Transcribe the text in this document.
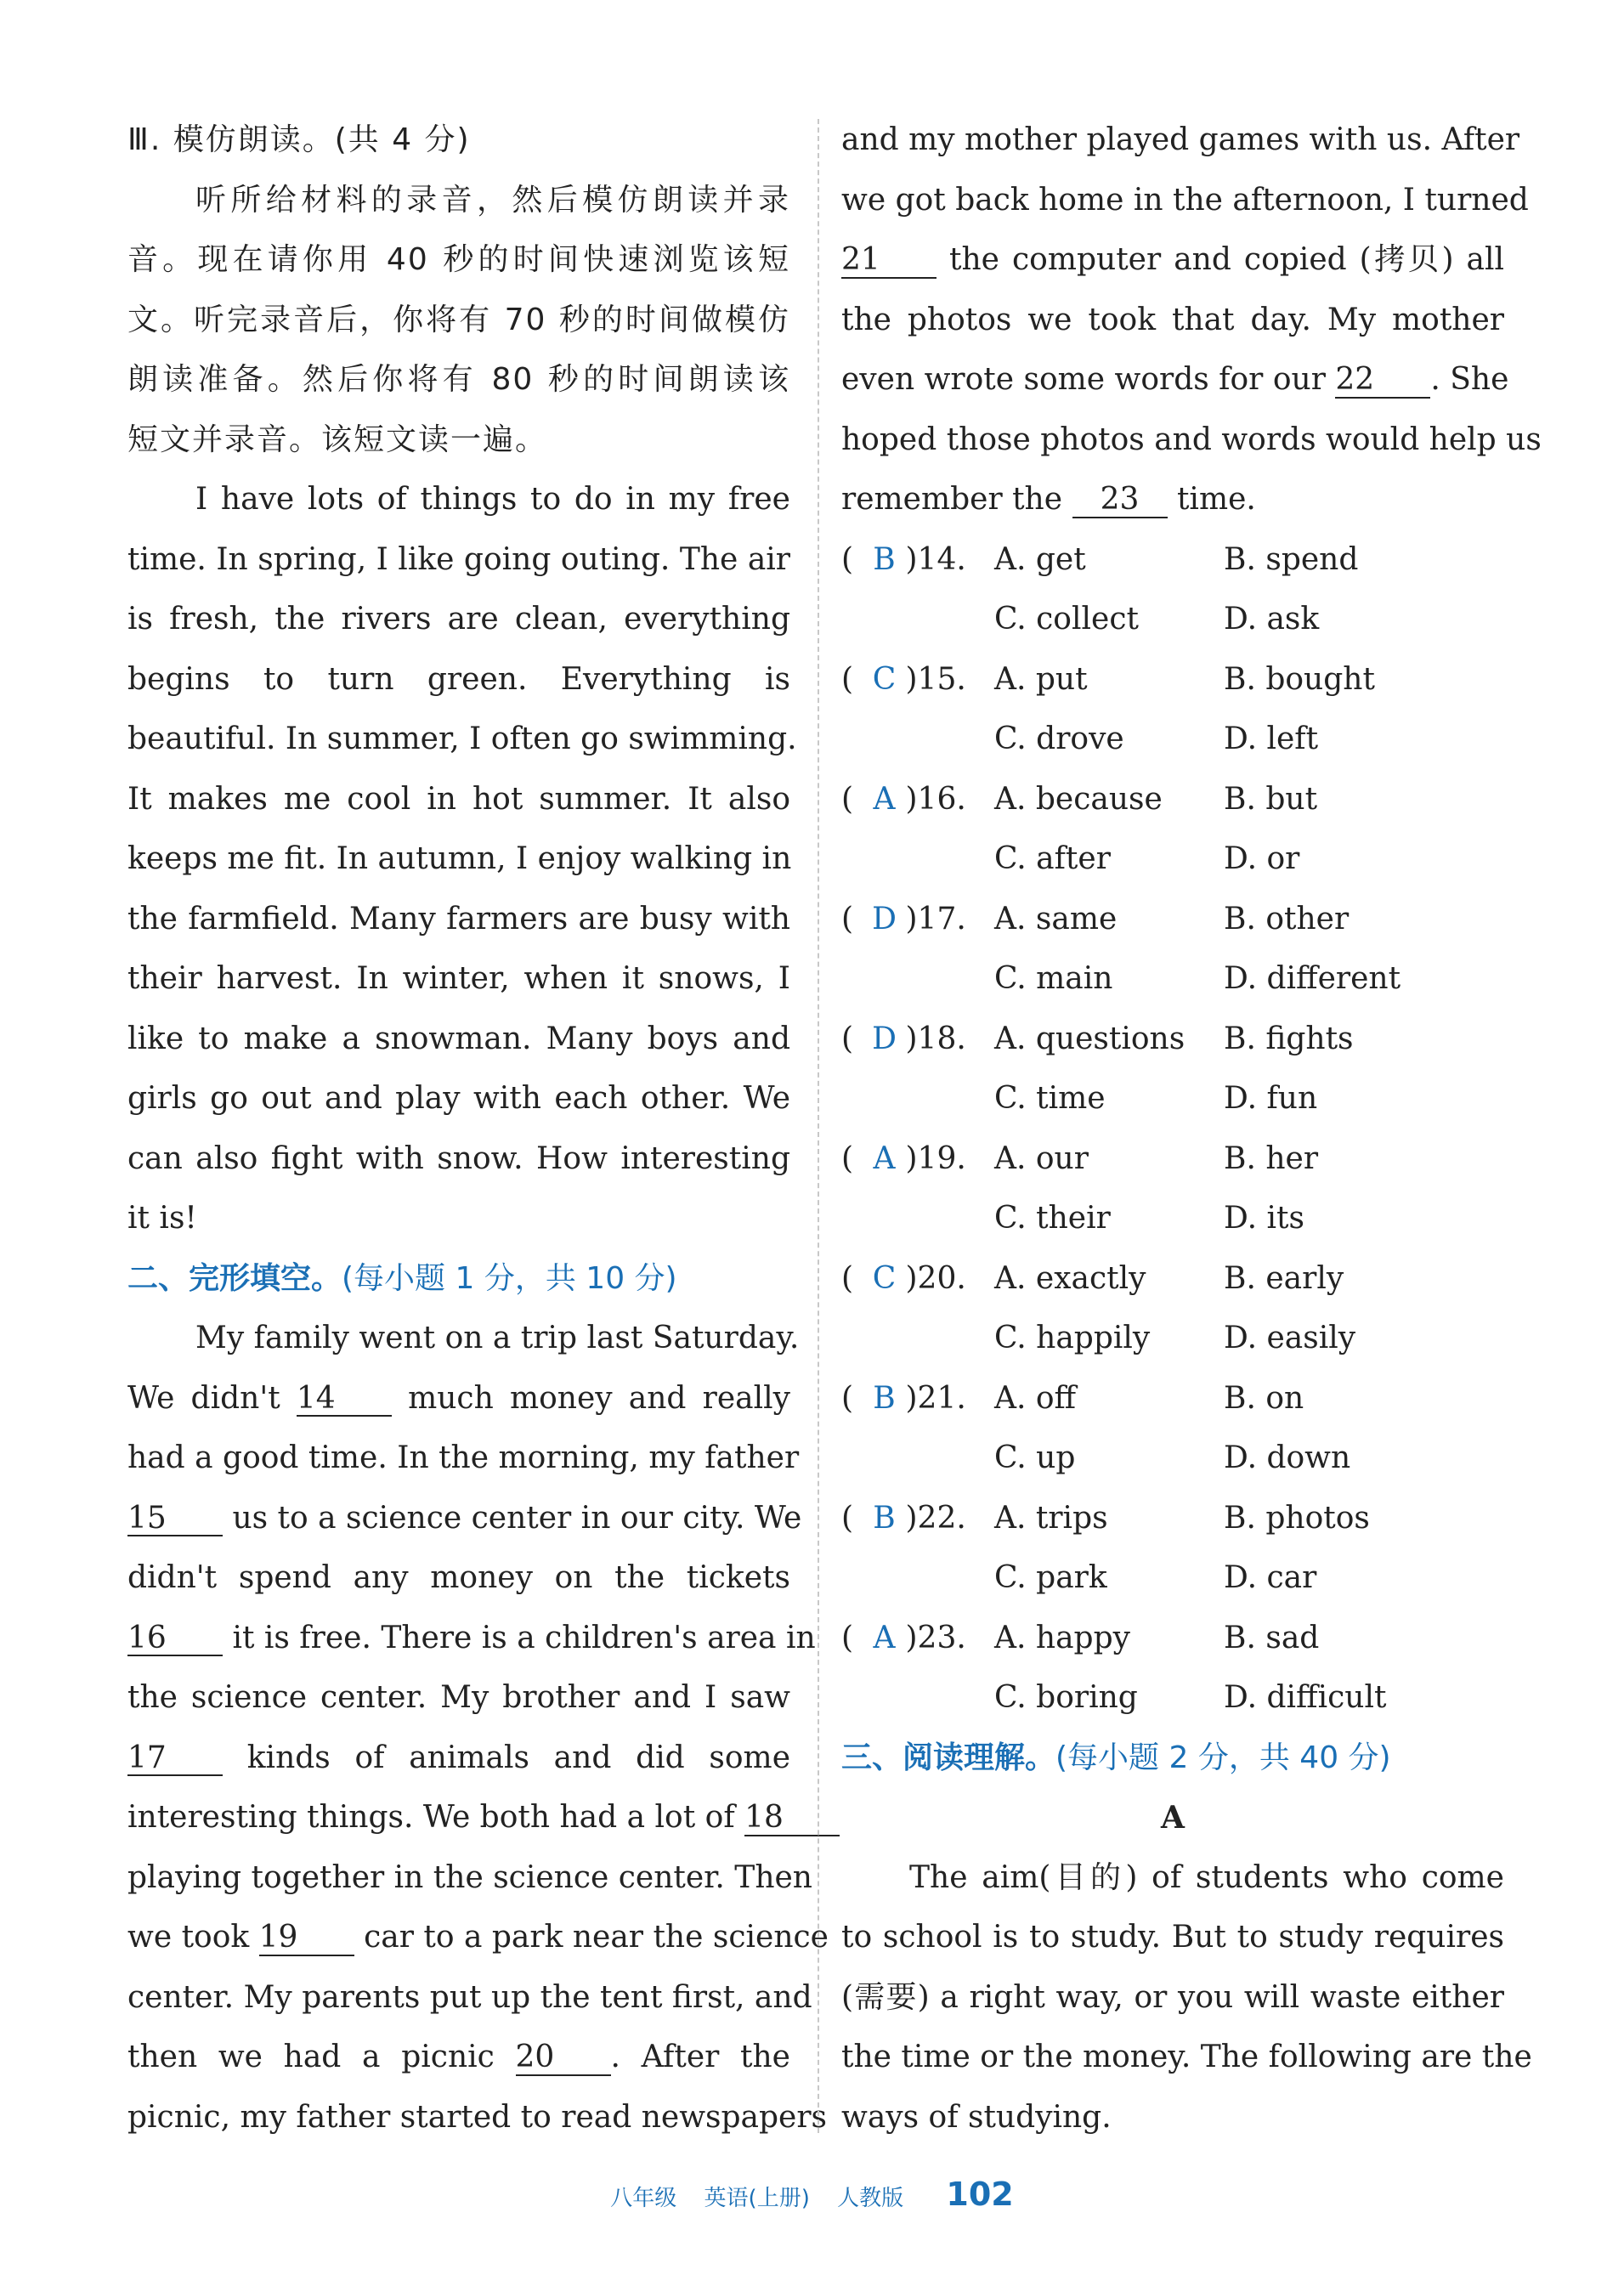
Ⅲ. 模仿朗读。(共 4 分)
听所给材料的录音，然后模仿朗读并录
音。现在请你用 40 秒的时间快速浏览该短
文。听完录音后，你将有 70 秒的时间做模仿
朗读准备。然后你将有 80 秒的时间朗读该
短文并录音。该短文读一遍。
I have lots of things to do in my free
time. In spring, I like going outing. The air
is fresh, the rivers are clean, everything
begins to turn green. Everything is
beautiful. In summer, I often go swimming.
It makes me cool in hot summer. It also
keeps me fit. In autumn, I enjoy walking in
the farmfield. Many farmers are busy with
their harvest. In winter, when it snows, I
like to make a snowman. Many boys and
girls go out and play with each other. We
can also fight with snow. How interesting
it is!
二、完形填空。(每小题 1 分，共 10 分)
My family went on a trip last Saturday.
We didn't 14 much money and really
had a good time. In the morning, my father
15 us to a science center in our city. We
didn't spend any money on the tickets
16 it is free. There is a children's area in
the science center. My brother and I saw
17	kinds of animals and did some
interesting things. We both had a lot of 18
playing together in the science center. Then
we took 19 car to a park near the science
center. My parents put up the tent first, and
then we had a picnic 20 . After the
picnic, my father started to read newspapers
and my mother played games with us. After
we got back home in the afternoon, I turned
21 the computer and copied (拷贝) all
the photos we took that day. My mother
even wrote some words for our 22 . She
hoped those photos and words would help us
remember the 23 time.
( B )14. A. get	B. spend
C. collect	D. ask
( C )15. A. put	B. bought
C. drove	D. left
( A )16. A. because B. but
C. after	D. or
( D )17. A. same	B. other
C. main	D. different
( D )18. A. questions B. fights
C. time	D. fun
( A )19. A. our	B. her
C. their	D. its
( C )20. A. exactly	B. early
C. happily D. easily
( B )21. A. off	B. on
C. up	D. down
( B )22. A. trips	B. photos
C. park	D. car
( A )23. A. happy	B. sad
C. boring	D. difficult
三、阅读理解。(每小题 2 分，共 40 分)
A
The aim(目的) of students who come
to school is to study. But to study requires
(需要) a right way, or you will waste either
the time or the money. The following are the
ways of studying.
八年级 英语(上册) 人教版 102
